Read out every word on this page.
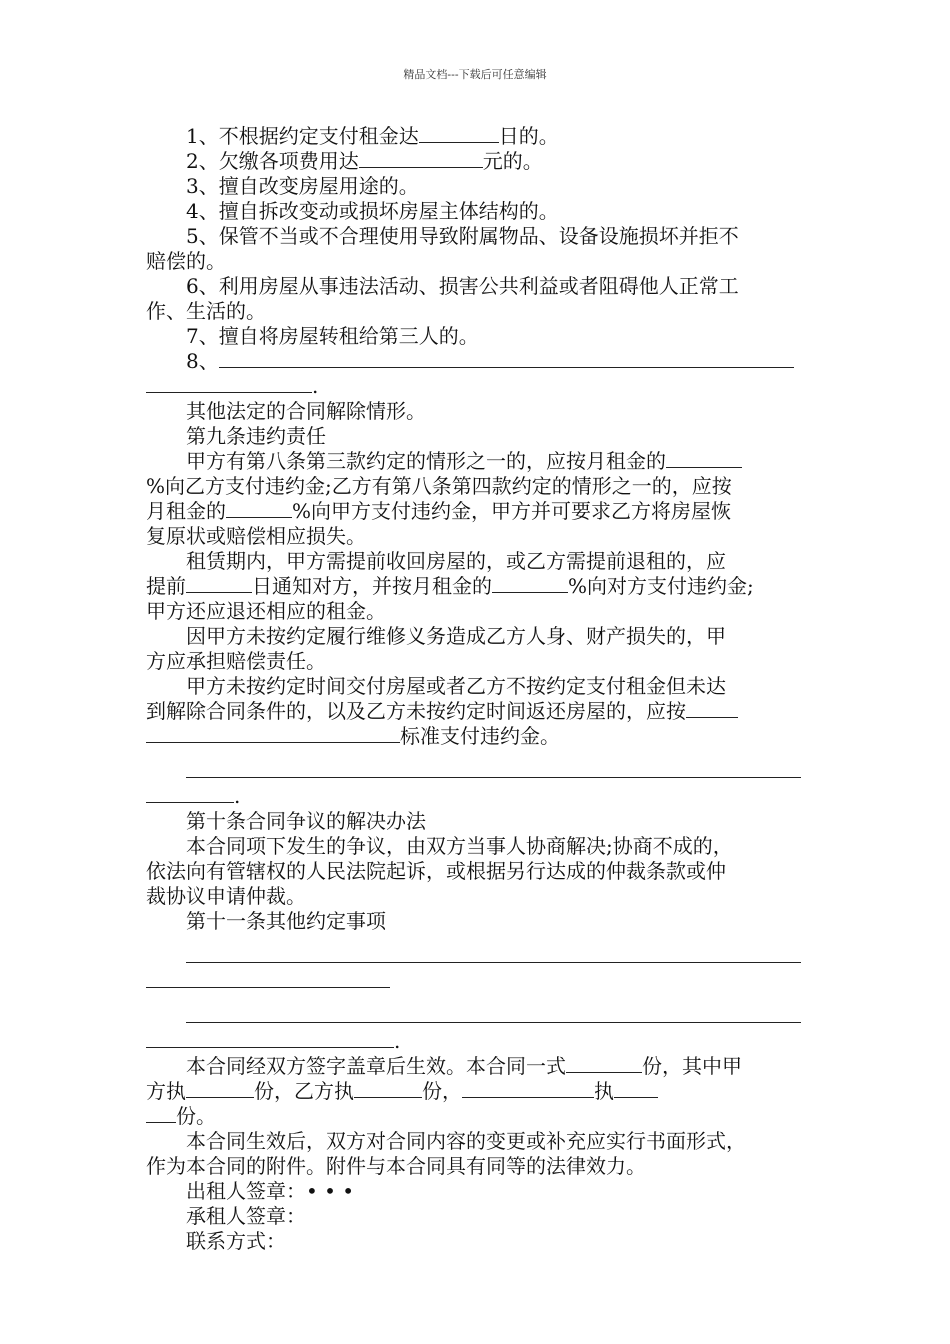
精品文档---下载后可任意编辑
1、不根据约定支付租金达	日的。
2、欠缴各项费用达	元的。
3、擅自改变房屋用途的。
4、擅自拆改变动或损坏房屋主体结构的。
5、保管不当或不合理使用导致附属物品、设备设施损坏并拒不
赔偿的。
6、利用房屋从事违法活动、损害公共利益或者阻碍他人正常工
作、生活的。
7、擅自将房屋转租给第三人的。
8、
.
其他法定的合同解除情形。
第九条违约责任
甲方有第八条第三款约定的情形之一的，应按月租金的
%向乙方支付违约金;乙方有第八条第四款约定的情形之一的，应按
月租金的	%向甲方支付违约金，甲方并可要求乙方将房屋恢
复原状或赔偿相应损失。
租赁期内，甲方需提前收回房屋的，或乙方需提前退租的，应
提前	日通知对方，并按月租金的	%向对方支付违约金;
甲方还应退还相应的租金。
因甲方未按约定履行维修义务造成乙方人身、财产损失的，甲
方应承担赔偿责任。
甲方未按约定时间交付房屋或者乙方不按约定支付租金但未达
到解除合同条件的，以及乙方未按约定时间返还房屋的，应按
标准支付违约金。
.
第十条合同争议的解决办法
本合同项下发生的争议，由双方当事人协商解决;协商不成的，
依法向有管辖权的人民法院起诉，或根据另行达成的仲裁条款或仲
裁协议申请仲裁。
第十一条其他约定事项
.
本合同经双方签字盖章后生效。本合同一式	份，其中甲
方执	份，乙方执	份，	执
份。
本合同生效后，双方对合同内容的变更或补充应实行书面形式，
作为本合同的附件。附件与本合同具有同等的法律效力。
出租人签章：• • •
承租人签章：
联系方式：
